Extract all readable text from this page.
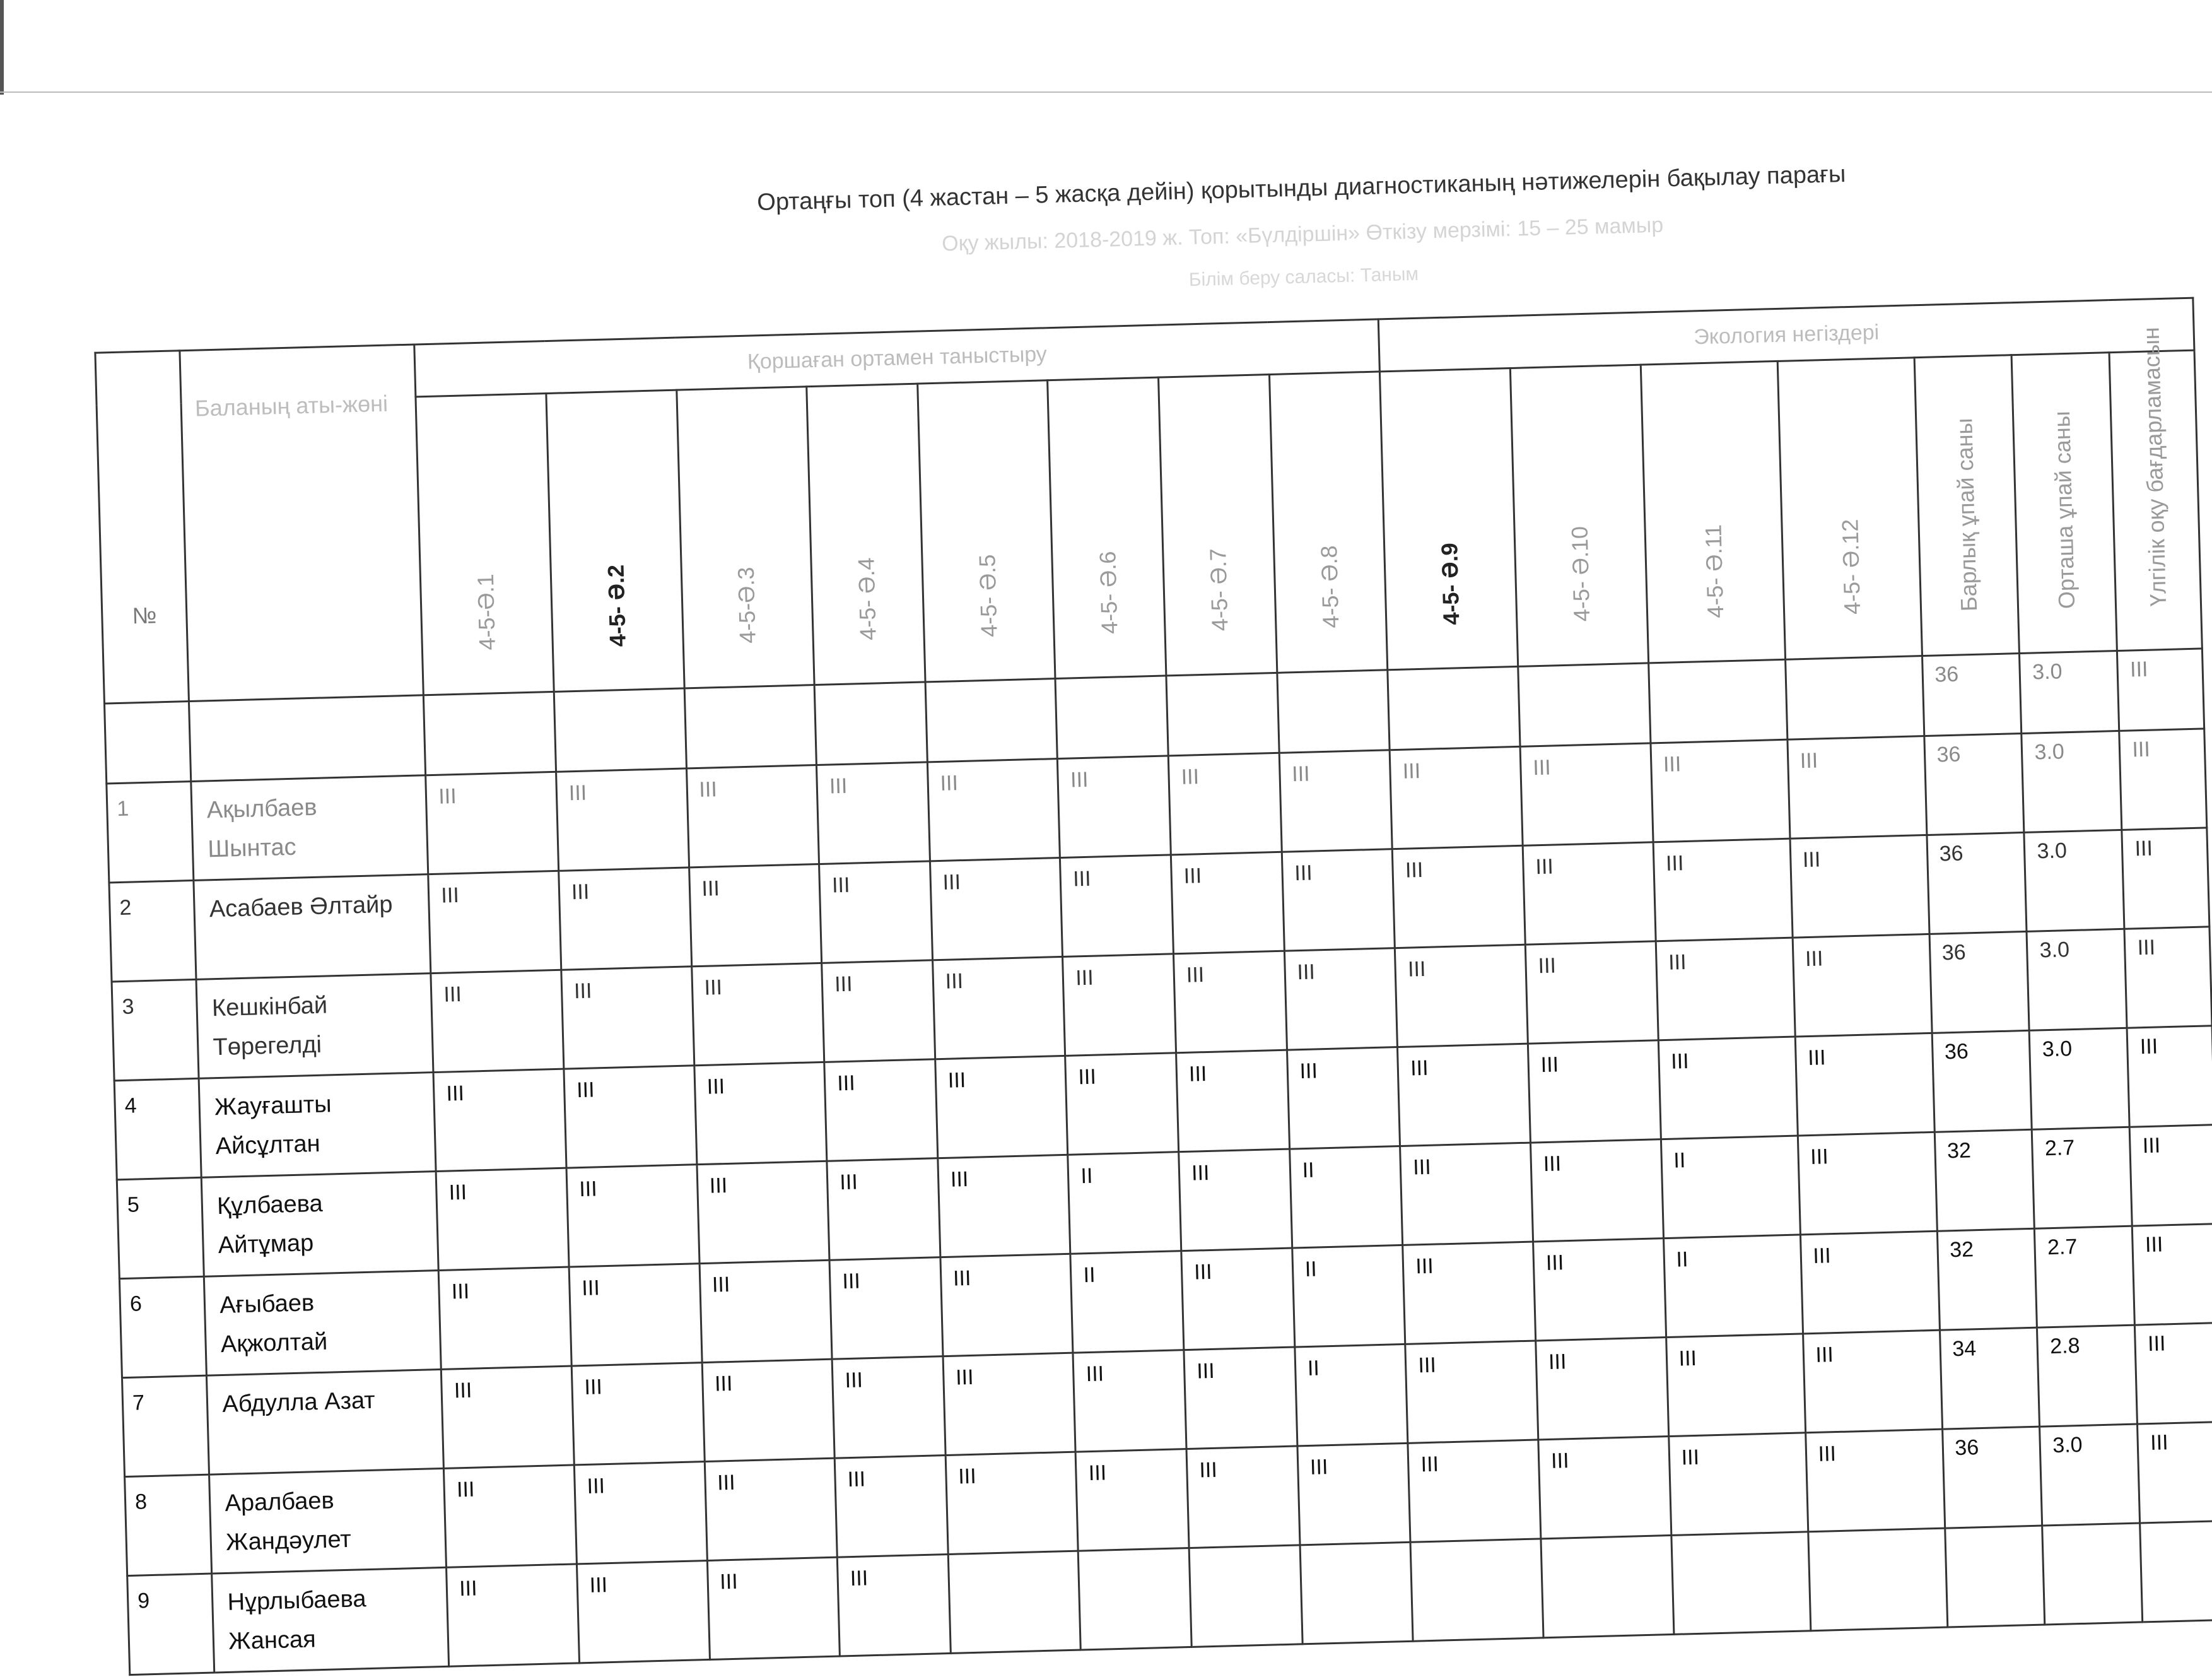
Ортаңғы топ (4 жастан – 5 жасқа дейін) қорытынды диагностиканың нәтижелерін бақылау парағы
Оқу жылы: 2018-2019 ж. Топ: «Бүлдіршін» Өткізу мерзімі: 15 – 25 мамыр
Білім беру саласы: Таным
№	Баланың аты-жөні	Қоршаған ортамен таныстыру								Экология негіздері						

		4-5-Ә.1	4-5- Ә.2	4-5-Ә.3	4-5- Ә.4	4-5- Ә.5	4-5- Ә.6	4-5- Ә.7	4-5- Ә.8	4-5- Ә.9	4-5- Ә.10	4-5- Ә.11	4-5- Ә.12	Барлық ұпай саны	Орташа ұпай саны	Үлгілік оқу бағдарламасын

														36	3.0	III
1	Ақылбаев Шынтас	III	III	III	III	III	III	III	III	III	III	III	III	36	3.0	III
2	Асабаев Әлтайр	III	III	III	III	III	III	III	III	III	III	III	III	36	3.0	III
3	Кешкінбай Төрегелді	III	III	III	III	III	III	III	III	III	III	III	III	36	3.0	III
4	Жауғашты Айсұлтан	III	III	III	III	III	III	III	III	III	III	III	III	36	3.0	III
5	Құлбаева Айтұмар	III	III	III	III	III	II	III	II	III	III	II	III	32	2.7	III
6	Ағыбаев Ақжолтай	III	III	III	III	III	II	III	II	III	III	II	III	32	2.7	III
7	Абдулла Азат	III	III	III	III	III	III	III	II	III	III	III	III	34	2.8	III
8	Аралбаев Жандәулет	III	III	III	III	III	III	III	III	III	III	III	III	36	3.0	III
9	Нұрлыбаева Жансая	III	III	III	III											
